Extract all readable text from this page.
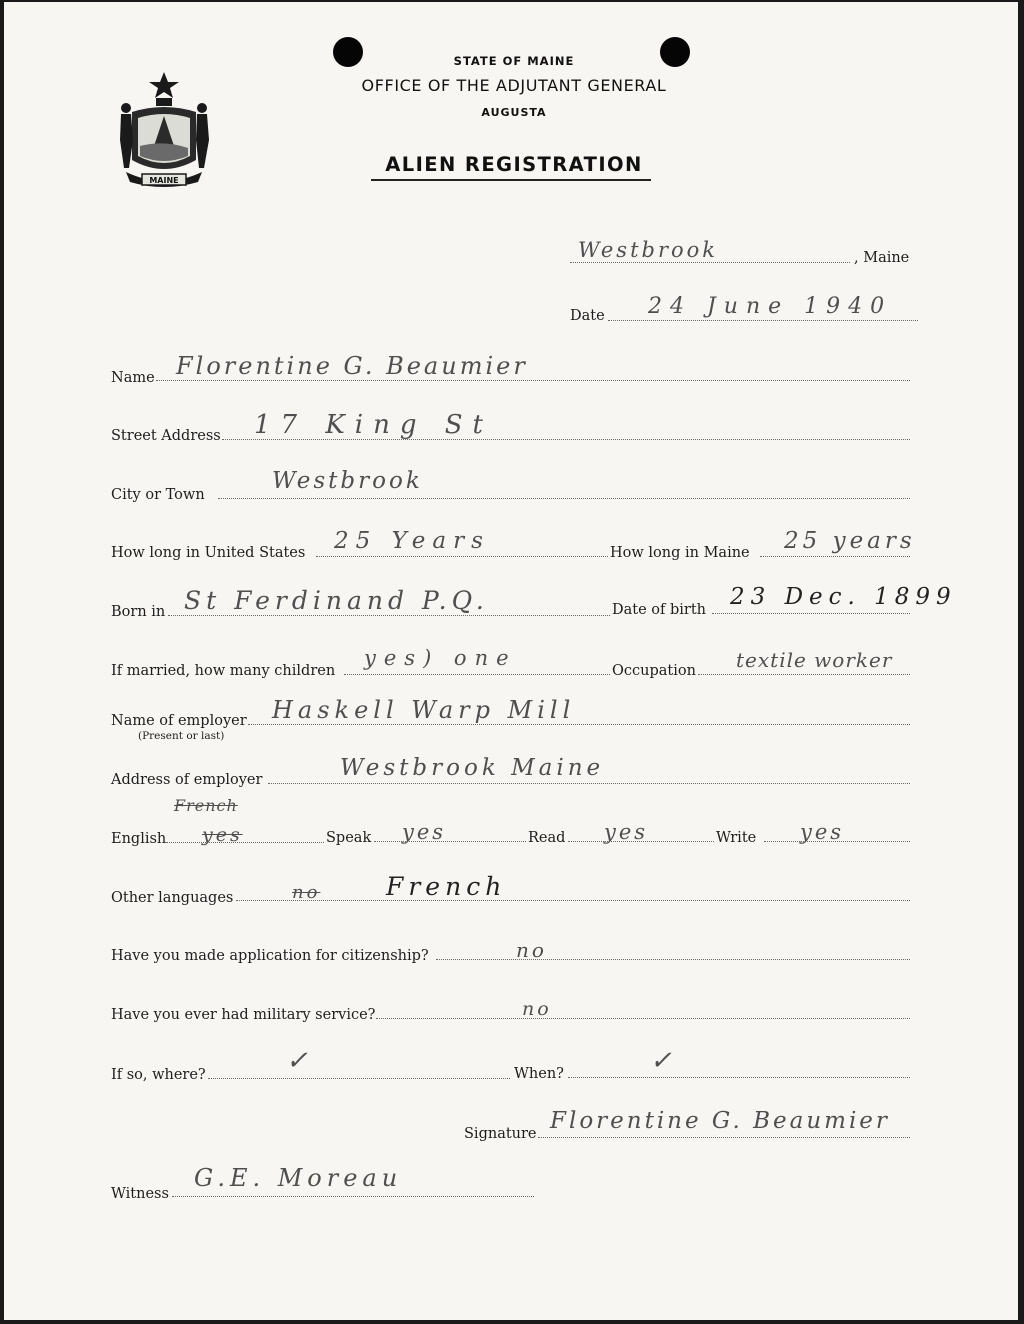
MAINE
STATE OF MAINE
OFFICE OF THE ADJUTANT GENERAL
AUGUSTA
ALIEN REGISTRATION
Westbrook	, Maine
Date 24 June 1940
Name Florentine G. Beaumier
Street Address 17 King St
City or Town
Westbrook
How long in United States 25 Years	How long in Maine 25 years
Born in St Ferdinand P.Q.	Date of birth 23 Dec. 1899
If married, how many children
yes) one
Occupation textile worker
Name of employer
(Present or last)
Haskell Warp Mill
Address of employer	Westbrook Maine
French
English yes	Speak yes	Read yes	Write yes
Other languages	no	French
Have you made application for citizenship?	no
Have you ever had military service?	no
If so, where?	✓	When?	✓
Signature Florentine G. Beaumier
Witness
G.E. Moreau
